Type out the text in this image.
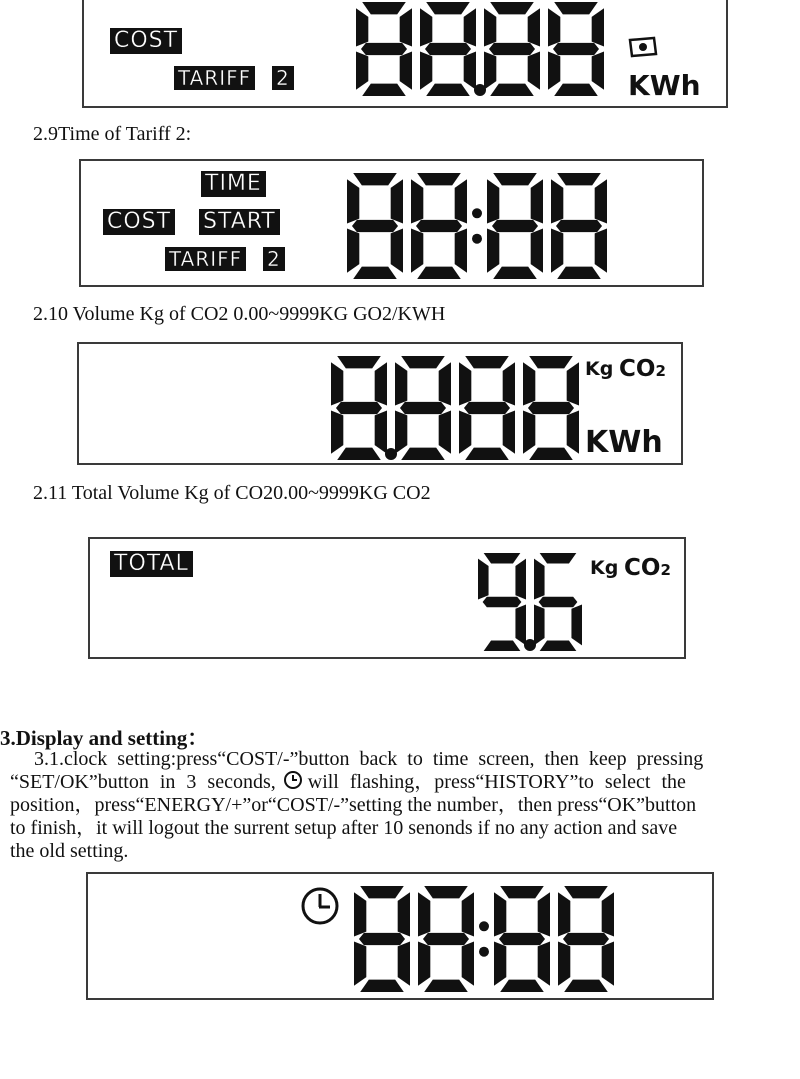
COST
TARIFF 2	KWh
2.9Time of Tariff 2:
TIME
COST START
TARIFF 2
2.10 Volume Kg of CO2 0.00~9999KG GO2/KWH
Kg CO2
KWh
2.11 Total Volume Kg of CO20.00~9999KG CO2
TOTAL	Kg CO2
3.Display and setting：
3.1.clock setting:press“COST/-”button back to time screen, then keep pressing
“SET/OK”button in 3 seconds, will flashing，press“HISTORY”to select the
position，press“ENERGY/+”or“COST/-”setting the number，then press“OK”button
to finish，it will logout the surrent setup after 10 senonds if no any action and save
the old setting.
